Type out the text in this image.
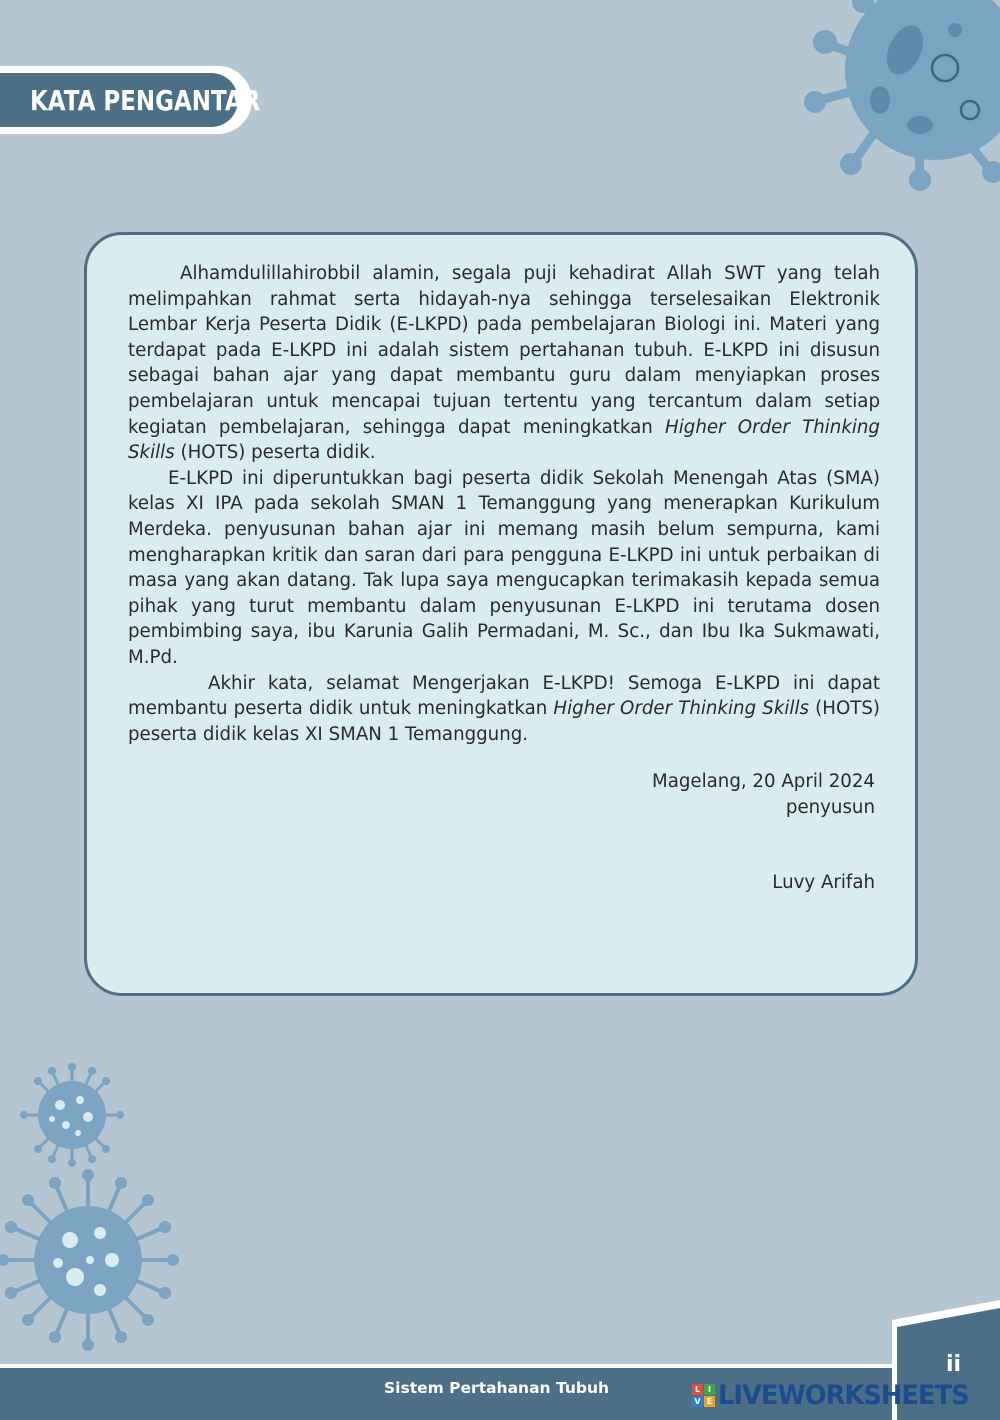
KATA PENGANTAR

Alhamdulillahirobbil alamin, segala puji kehadirat Allah SWT yang telah melimpahkan rahmat serta hidayah-nya sehingga terselesaikan Elektronik Lembar Kerja Peserta Didik (E-LKPD) pada pembelajaran Biologi ini. Materi yang terdapat pada E-LKPD ini adalah sistem pertahanan tubuh. E-LKPD ini disusun sebagai bahan ajar yang dapat membantu guru dalam menyiapkan proses pembelajaran untuk mencapai tujuan tertentu yang tercantum dalam setiap kegiatan pembelajaran, sehingga dapat meningkatkan Higher Order Thinking Skills (HOTS) peserta didik.

E-LKPD ini diperuntukkan bagi peserta didik Sekolah Menengah Atas (SMA) kelas XI IPA pada sekolah SMAN 1 Temanggung yang menerapkan Kurikulum Merdeka. penyusunan bahan ajar ini memang masih belum sempurna, kami mengharapkan kritik dan saran dari para pengguna E-LKPD ini untuk perbaikan di masa yang akan datang. Tak lupa saya mengucapkan terimakasih kepada semua pihak yang turut membantu dalam penyusunan E-LKPD ini terutama dosen pembimbing saya, ibu Karunia Galih Permadani, M. Sc., dan Ibu Ika Sukmawati, M.Pd.

Akhir kata, selamat Mengerjakan E-LKPD! Semoga E-LKPD ini dapat membantu peserta didik untuk meningkatkan Higher Order Thinking Skills (HOTS) peserta didik kelas XI SMAN 1 Temanggung.

Magelang, 20 April 2024
penyusun
Luvy Arifah
Sistem Pertahanan Tubuh
ii
L I
V E LIVEWORKSHEETS
